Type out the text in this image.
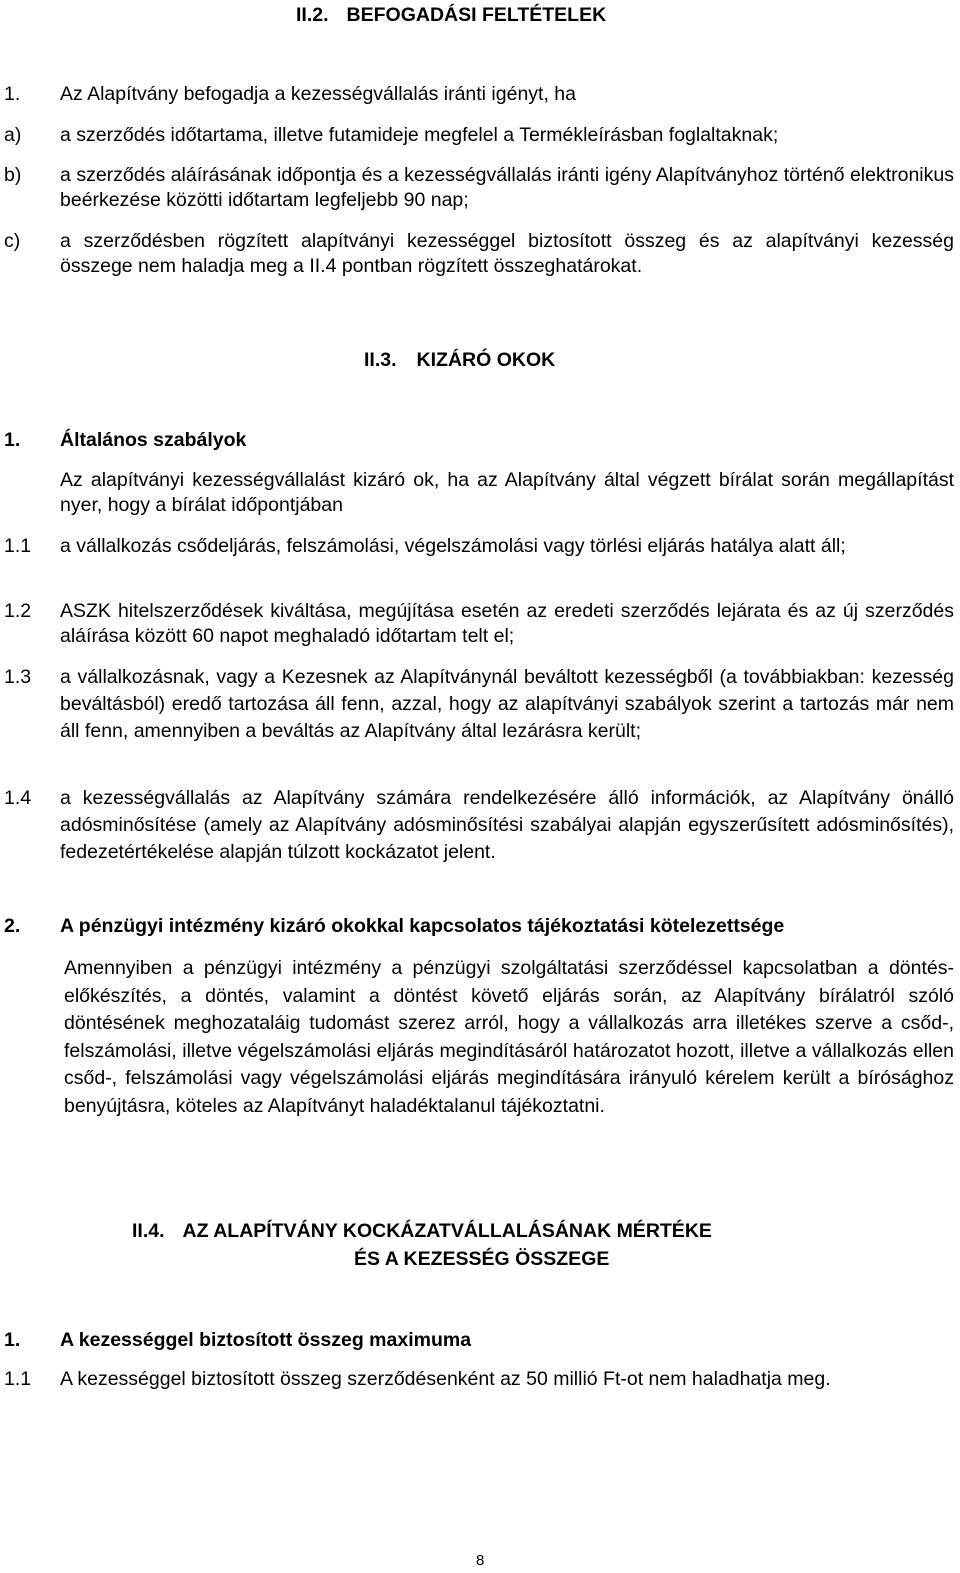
II.2. BEFOGADÁSI FELTÉTELEK
1.	Az Alapítvány befogadja a kezességvállalás iránti igényt, ha
a)	a szerződés időtartama, illetve futamideje megfelel a Termékleírásban foglaltaknak;
b)	a szerződés aláírásának időpontja és a kezességvállalás iránti igény Alapítványhoz történő elektronikus beérkezése közötti időtartam legfeljebb 90 nap;
c)	a szerződésben rögzített alapítványi kezességgel biztosított összeg és az alapítványi kezesség összege nem haladja meg a II.4 pontban rögzített összeghatárokat.
II.3. KIZÁRÓ OKOK
1.	Általános szabályok
Az alapítványi kezességvállalást kizáró ok, ha az Alapítvány által végzett bírálat során megállapítást nyer, hogy a bírálat időpontjában
1.1	a vállalkozás csődeljárás, felszámolási, végelszámolási vagy törlési eljárás hatálya alatt áll;
1.2	ASZK hitelszerződések kiváltása, megújítása esetén az eredeti szerződés lejárata és az új szerződés aláírása között 60 napot meghaladó időtartam telt el;
1.3	a vállalkozásnak, vagy a Kezesnek az Alapítványnál beváltott kezességből (a továbbiakban: kezesség beváltásból) eredő tartozása áll fenn, azzal, hogy az alapítványi szabályok szerint a tartozás már nem áll fenn, amennyiben a beváltás az Alapítvány által lezárásra került;
1.4	a kezességvállalás az Alapítvány számára rendelkezésére álló információk, az Alapítvány önálló adósminősítése (amely az Alapítvány adósminősítési szabályai alapján egyszerűsített adósminősítés), fedezetértékelése alapján túlzott kockázatot jelent.
2.	A pénzügyi intézmény kizáró okokkal kapcsolatos tájékoztatási kötelezettsége
Amennyiben a pénzügyi intézmény a pénzügyi szolgáltatási szerződéssel kapcsolatban a döntés-előkészítés, a döntés, valamint a döntést követő eljárás során, az Alapítvány bírálatról szóló döntésének meghozataláig tudomást szerez arról, hogy a vállalkozás arra illetékes szerve a csőd-, felszámolási, illetve végelszámolási eljárás megindításáról határozatot hozott, illetve a vállalkozás ellen csőd-, felszámolási vagy végelszámolási eljárás megindítására irányuló kérelem került a bírósághoz benyújtásra, köteles az Alapítványt haladéktalanul tájékoztatni.
II.4. AZ ALAPÍTVÁNY KOCKÁZATVÁLLALÁSÁNAK MÉRTÉKE
ÉS A KEZESSÉG ÖSSZEGE
1.	A kezességgel biztosított összeg maximuma
1.1	A kezességgel biztosított összeg szerződésenként az 50 millió Ft-ot nem haladhatja meg.
8
